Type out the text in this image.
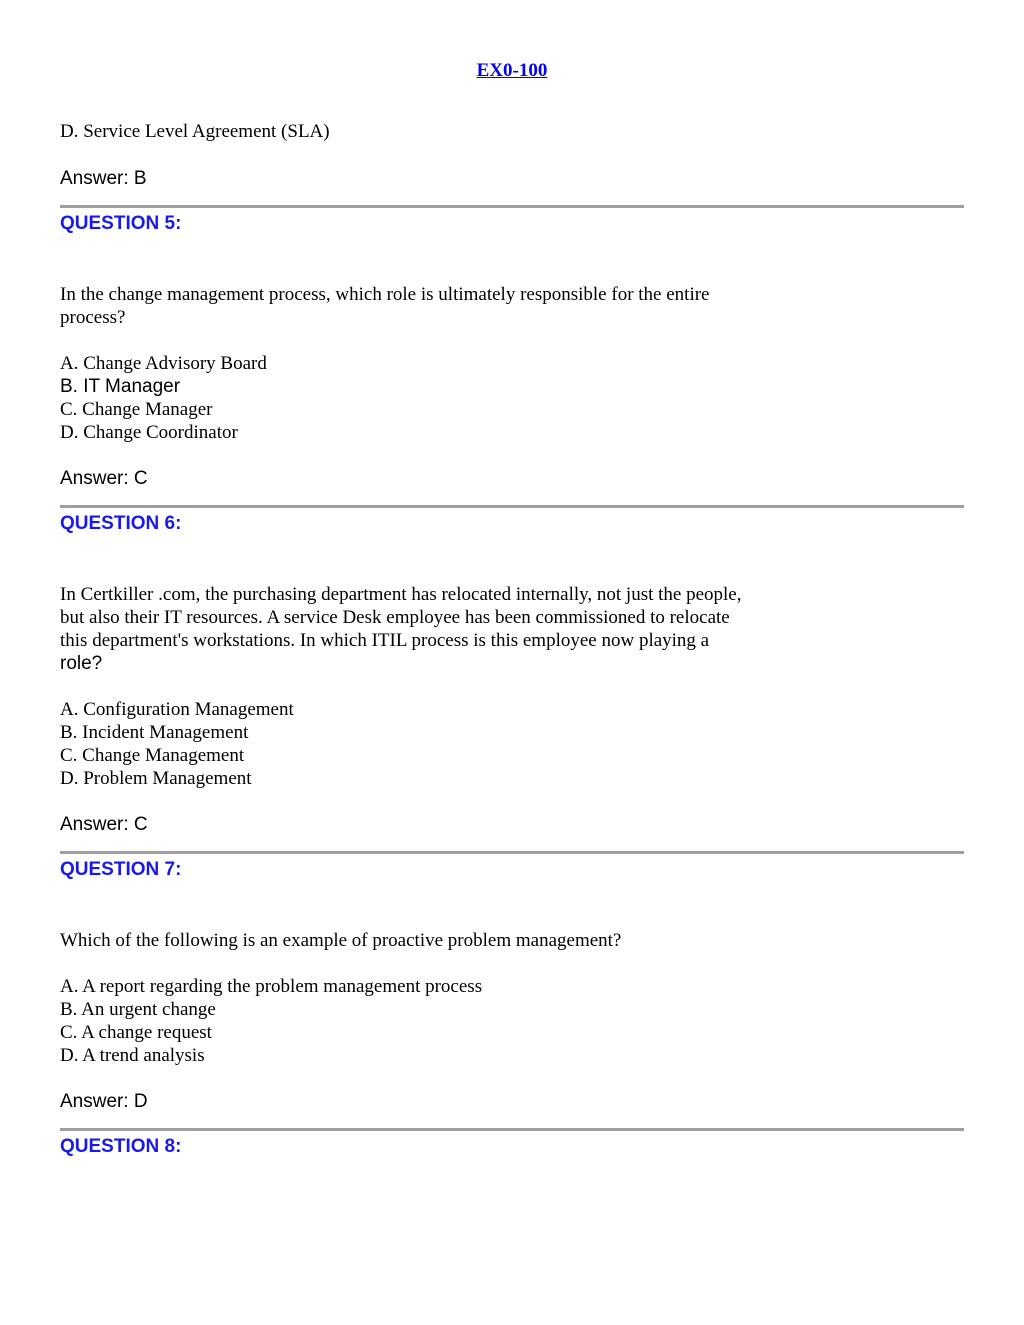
EX0-100
D. Service Level Agreement (SLA)
Answer: B
QUESTION 5:
In the change management process, which role is ultimately responsible for the entire
process?
A. Change Advisory Board
B. IT Manager
C. Change Manager
D. Change Coordinator
Answer: C
QUESTION 6:
In Certkiller .com, the purchasing department has relocated internally, not just the people,
but also their IT resources. A service Desk employee has been commissioned to relocate
this department's workstations. In which ITIL process is this employee now playing a
role?
A. Configuration Management
B. Incident Management
C. Change Management
D. Problem Management
Answer: C
QUESTION 7:
Which of the following is an example of proactive problem management?
A. A report regarding the problem management process
B. An urgent change
C. A change request
D. A trend analysis
Answer: D
QUESTION 8:
